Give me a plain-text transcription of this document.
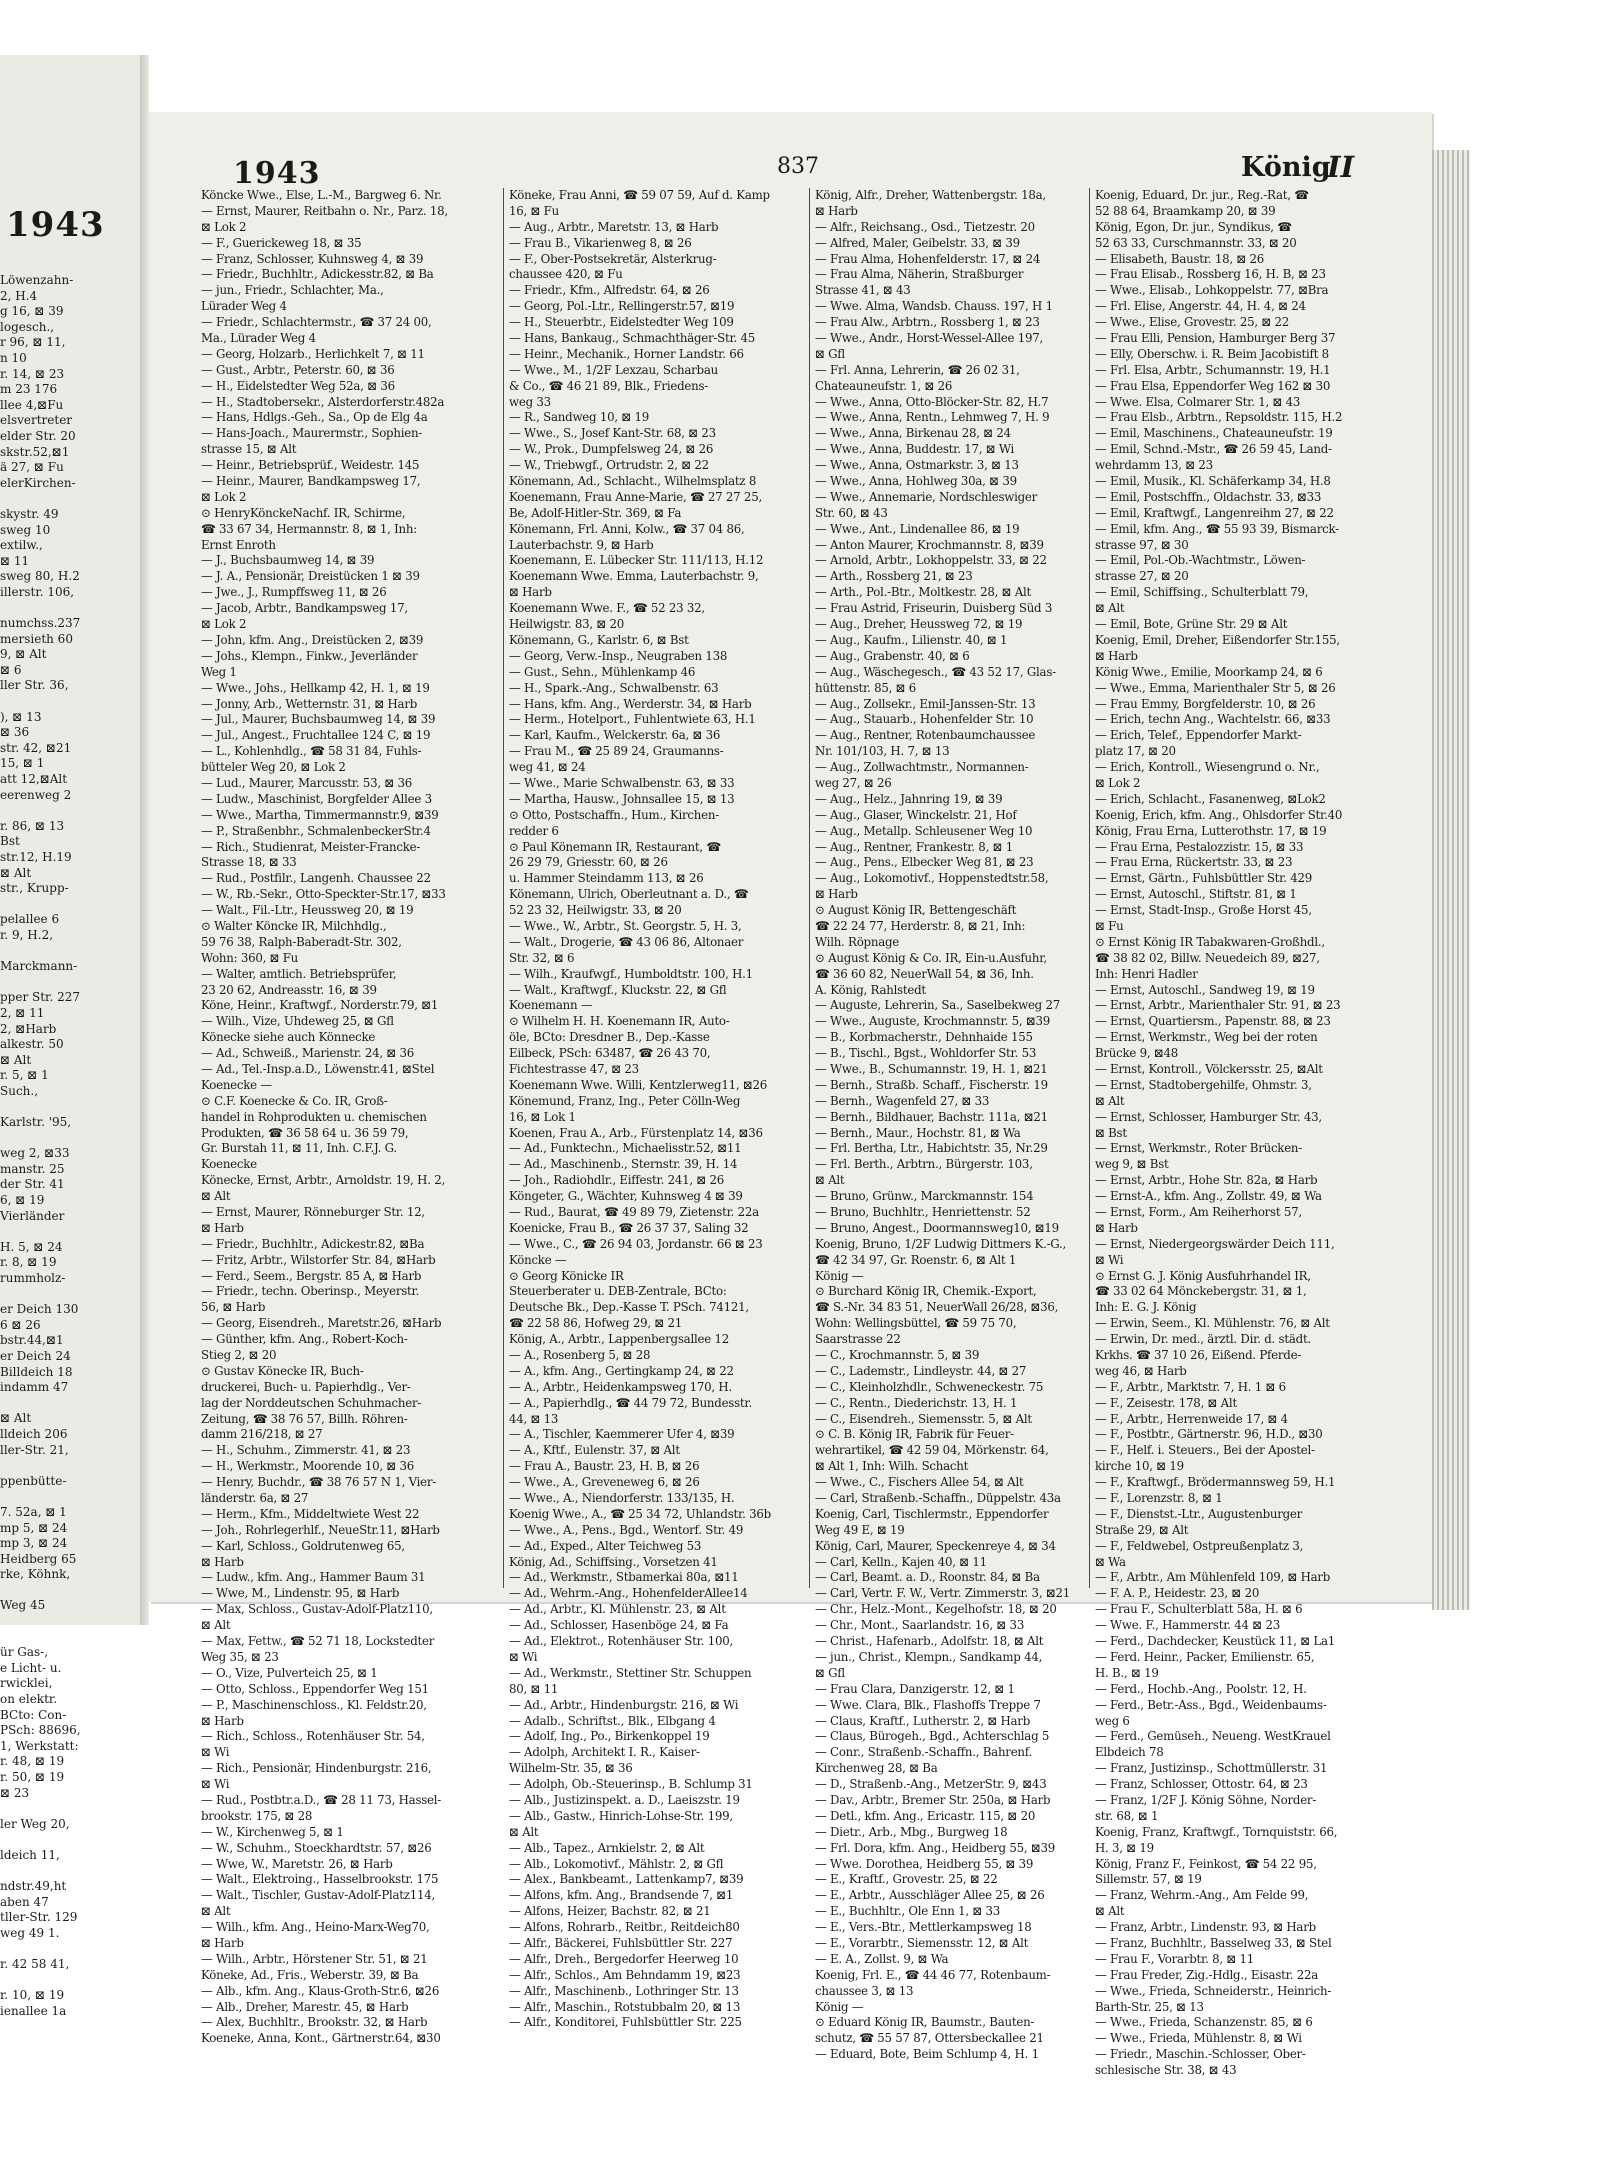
1943
Löwenzahn-
2, H.4
g 16, ⊠ 39
logesch.,
r 96, ⊠ 11,
n 10
r. 14, ⊠ 23
m 23 176
llee 4,⊠Fu
elsvertreter
elder Str. 20
skstr.52,⊠1
ä 27, ⊠ Fu
elerKirchen-
skystr. 49
sweg 10
extilw.,
⊠ 11
sweg 80, H.2
illerstr. 106,
numchss.237
mersieth 60
9, ⊠ Alt
⊠ 6
ller Str. 36,
), ⊠ 13
⊠ 36
str. 42, ⊠21
15, ⊠ 1
att 12,⊠Alt
eerenweg 2
r. 86, ⊠ 13
Bst
str.12, H.19
⊠ Alt
str., Krupp-
pelallee 6
r. 9, H.2,
Marckmann-
pper Str. 227
2, ⊠ 11
2, ⊠Harb
alkestr. 50
⊠ Alt
r. 5, ⊠ 1
Such.,
Karlstr. '95,
weg 2, ⊠33
manstr. 25
der Str. 41
6, ⊠ 19
Vierländer
H. 5, ⊠ 24
r. 8, ⊠ 19
rummholz-
er Deich 130
6 ⊠ 26
bstr.44,⊠1
er Deich 24
Billdeich 18
indamm 47
⊠ Alt
lldeich 206
ller-Str. 21,
ppenbütte-
7. 52a, ⊠ 1
mp 5, ⊠ 24
mp 3, ⊠ 24
Heidberg 65
rke, Köhnk,
Weg 45
ür Gas-,
e Licht- u.
rwicklei,
on elektr.
BCto: Con-
PSch: 88696,
1, Werkstatt:
r. 48, ⊠ 19
r. 50, ⊠ 19
⊠ 23
ler Weg 20,
ldeich 11,
ndstr.49,ht
aben 47
tller-Str. 129
weg 49 1.
r. 42 58 41,
r. 10, ⊠ 19
ienallee 1a
1943	837	König
II
Köncke Wwe., Else, L.-M., Bargweg 6. Nr.
— Ernst, Maurer, Reitbahn o. Nr., Parz. 18,
⊠ Lok 2
— F., Guerickeweg 18, ⊠ 35
— Franz, Schlosser, Kuhnsweg 4, ⊠ 39
— Friedr., Buchhltr., Adickesstr.82, ⊠ Ba
— jun., Friedr., Schlachter, Ma.,
Lürader Weg 4
— Friedr., Schlachtermstr., ☎ 37 24 00,
Ma., Lürader Weg 4
— Georg, Holzarb., Herlichkelt 7, ⊠ 11
— Gust., Arbtr., Peterstr. 60, ⊠ 36
— H., Eidelstedter Weg 52a, ⊠ 36
— H., Stadtobersekr., Alsterdorferstr.482a
— Hans, Hdlgs.-Geh., Sa., Op de Elg 4a
— Hans-Joach., Maurermstr., Sophien-
strasse 15, ⊠ Alt
— Heinr., Betriebsprüf., Weidestr. 145
— Heinr., Maurer, Bandkampsweg 17,
⊠ Lok 2
⊙ HenryKönckeNachf. IR, Schirme,
☎ 33 67 34, Hermannstr. 8, ⊠ 1, Inh:
Ernst Enroth
— J., Buchsbaumweg 14, ⊠ 39
— J. A., Pensionär, Dreistücken 1 ⊠ 39
— Jwe., J., Rumpffsweg 11, ⊠ 26
— Jacob, Arbtr., Bandkampsweg 17,
⊠ Lok 2
— John, kfm. Ang., Dreistücken 2, ⊠39
— Johs., Klempn., Finkw., Jeverländer
Weg 1
— Wwe., Johs., Hellkamp 42, H. 1, ⊠ 19
— Jonny, Arb., Wetternstr. 31, ⊠ Harb
— Jul., Maurer, Buchsbaumweg 14, ⊠ 39
— Jul., Angest., Fruchtallee 124 C, ⊠ 19
— L., Kohlenhdlg., ☎ 58 31 84, Fuhls-
bütteler Weg 20, ⊠ Lok 2
— Lud., Maurer, Marcusstr. 53, ⊠ 36
— Ludw., Maschinist, Borgfelder Allee 3
— Wwe., Martha, Timmermannstr.9, ⊠39
— P., Straßenbhr., SchmalenbeckerStr.4
— Rich., Studienrat, Meister-Francke-
Strasse 18, ⊠ 33
— Rud., Postfilr., Langenh. Chaussee 22
— W., Rb.-Sekr., Otto-Speckter-Str.17, ⊠33
— Walt., Fil.-Ltr., Heussweg 20, ⊠ 19
⊙ Walter Köncke IR, Milchhdlg.,
59 76 38, Ralph-Baberadt-Str. 302,
Wohn: 360, ⊠ Fu
— Walter, amtlich. Betriebsprüfer,
23 20 62, Andreasstr. 16, ⊠ 39
Köne, Heinr., Kraftwgf., Norderstr.79, ⊠1
— Wilh., Vize, Uhdeweg 25, ⊠ Gfl
Könecke siehe auch Könnecke
— Ad., Schweiß., Marienstr. 24, ⊠ 36
— Ad., Tel.-Insp.a.D., Löwenstr.41, ⊠Stel
Koenecke —
⊙ C.F. Koenecke & Co. IR, Groß-
handel in Rohprodukten u. chemischen
Produkten, ☎ 36 58 64 u. 36 59 79,
Gr. Burstah 11, ⊠ 11, Inh. C.F.J. G.
Koenecke
Könecke, Ernst, Arbtr., Arnoldstr. 19, H. 2,
⊠ Alt
— Ernst, Maurer, Rönneburger Str. 12,
⊠ Harb
— Friedr., Buchhltr., Adickestr.82, ⊠Ba
— Fritz, Arbtr., Wilstorfer Str. 84, ⊠Harb
— Ferd., Seem., Bergstr. 85 A, ⊠ Harb
— Friedr., techn. Oberinsp., Meyerstr.
56, ⊠ Harb
— Georg, Eisendreh., Maretstr.26, ⊠Harb
— Günther, kfm. Ang., Robert-Koch-
Stieg 2, ⊠ 20
⊙ Gustav Könecke IR, Buch-
druckerei, Buch- u. Papierhdlg., Ver-
lag der Norddeutschen Schuhmacher-
Zeitung, ☎ 38 76 57, Billh. Röhren-
damm 216/218, ⊠ 27
— H., Schuhm., Zimmerstr. 41, ⊠ 23
— H., Werkmstr., Moorende 10, ⊠ 36
— Henry, Buchdr., ☎ 38 76 57 N 1, Vier-
länderstr. 6a, ⊠ 27
— Herm., Kfm., Middeltwiete West 22
— Joh., Rohrlegerhlf., NeueStr.11, ⊠Harb
— Karl, Schloss., Goldrutenweg 65,
⊠ Harb
— Ludw., kfm. Ang., Hammer Baum 31
— Wwe, M., Lindenstr. 95, ⊠ Harb
— Max, Schloss., Gustav-Adolf-Platz110,
⊠ Alt
— Max, Fettw., ☎ 52 71 18, Lockstedter
Weg 35, ⊠ 23
— O., Vize, Pulverteich 25, ⊠ 1
— Otto, Schloss., Eppendorfer Weg 151
— P., Maschinenschloss., Kl. Feldstr.20,
⊠ Harb
— Rich., Schloss., Rotenhäuser Str. 54,
⊠ Wi
— Rich., Pensionär, Hindenburgstr. 216,
⊠ Wi
— Rud., Postbtr.a.D., ☎ 28 11 73, Hassel-
brookstr. 175, ⊠ 28
— W., Kirchenweg 5, ⊠ 1
— W., Schuhm., Stoeckhardtstr. 57, ⊠26
— Wwe, W., Maretstr. 26, ⊠ Harb
— Walt., Elektroing., Hasselbrookstr. 175
— Walt., Tischler, Gustav-Adolf-Platz114,
⊠ Alt
— Wilh., kfm. Ang., Heino-Marx-Weg70,
⊠ Harb
— Wilh., Arbtr., Hörstener Str. 51, ⊠ 21
Köneke, Ad., Fris., Weberstr. 39, ⊠ Ba
— Alb., kfm. Ang., Klaus-Groth-Str.6, ⊠26
— Alb., Dreher, Marestr. 45, ⊠ Harb
— Alex, Buchhltr., Brookstr. 32, ⊠ Harb
Koeneke, Anna, Kont., Gärtnerstr.64, ⊠30
Köneke, Frau Anni, ☎ 59 07 59, Auf d. Kamp
16, ⊠ Fu
— Aug., Arbtr., Maretstr. 13, ⊠ Harb
— Frau B., Vikarienweg 8, ⊠ 26
— F., Ober-Postsekretär, Alsterkrug-
chaussee 420, ⊠ Fu
— Friedr., Kfm., Alfredstr. 64, ⊠ 26
— Georg, Pol.-Ltr., Rellingerstr.57, ⊠19
— H., Steuerbtr., Eidelstedter Weg 109
— Hans, Bankaug., Schmachthäger-Str. 45
— Heinr., Mechanik., Horner Landstr. 66
— Wwe., M., 1/2F Lexzau, Scharbau
& Co., ☎ 46 21 89, Blk., Friedens-
weg 33
— R., Sandweg 10, ⊠ 19
— Wwe., S., Josef Kant-Str. 68, ⊠ 23
— W., Prok., Dumpfelsweg 24, ⊠ 26
— W., Triebwgf., Ortrudstr. 2, ⊠ 22
Könemann, Ad., Schlacht., Wilhelmsplatz 8
Koenemann, Frau Anne-Marie, ☎ 27 27 25,
Be, Adolf-Hitler-Str. 369, ⊠ Fa
Könemann, Frl. Anni, Kolw., ☎ 37 04 86,
Lauterbachstr. 9, ⊠ Harb
Koenemann, E. Lübecker Str. 111/113, H.12
Koenemann Wwe. Emma, Lauterbachstr. 9,
⊠ Harb
Koenemann Wwe. F., ☎ 52 23 32,
Heilwigstr. 83, ⊠ 20
Könemann, G., Karlstr. 6, ⊠ Bst
— Georg, Verw.-Insp., Neugraben 138
— Gust., Sehn., Mühlenkamp 46
— H., Spark.-Ang., Schwalbenstr. 63
— Hans, kfm. Ang., Werderstr. 34, ⊠ Harb
— Herm., Hotelport., Fuhlentwiete 63, H.1
— Karl, Kaufm., Welckerstr. 6a, ⊠ 36
— Frau M., ☎ 25 89 24, Graumanns-
weg 41, ⊠ 24
— Wwe., Marie Schwalbenstr. 63, ⊠ 33
— Martha, Hausw., Johnsallee 15, ⊠ 13
⊙ Otto, Postschaffn., Hum., Kirchen-
redder 6
⊙ Paul Könemann IR, Restaurant, ☎
26 29 79, Griesstr. 60, ⊠ 26
u. Hammer Steindamm 113, ⊠ 26
Könemann, Ulrich, Oberleutnant a. D., ☎
52 23 32, Heilwigstr. 33, ⊠ 20
— Wwe., W., Arbtr., St. Georgstr. 5, H. 3,
— Walt., Drogerie, ☎ 43 06 86, Altonaer
Str. 32, ⊠ 6
— Wilh., Kraufwgf., Humboldtstr. 100, H.1
— Walt., Kraftwgf., Kluckstr. 22, ⊠ Gfl
Koenemann —
⊙ Wilhelm H. H. Koenemann IR, Auto-
öle, BCto: Dresdner B., Dep.-Kasse
Eilbeck, PSch: 63487, ☎ 26 43 70,
Fichtestrasse 47, ⊠ 23
Koenemann Wwe. Willi, Kentzlerweg11, ⊠26
Könemund, Franz, Ing., Peter Cölln-Weg
16, ⊠ Lok 1
Koenen, Frau A., Arb., Fürstenplatz 14, ⊠36
— Ad., Funktechn., Michaelisstr.52, ⊠11
— Ad., Maschinenb., Sternstr. 39, H. 14
— Joh., Radiohdlr., Eiffestr. 241, ⊠ 26
Köngeter, G., Wächter, Kuhnsweg 4 ⊠ 39
— Rud., Baurat, ☎ 49 89 79, Zietenstr. 22a
Koenicke, Frau B., ☎ 26 37 37, Saling 32
— Wwe., C., ☎ 26 94 03, Jordanstr. 66 ⊠ 23
Köncke —
⊙ Georg Könicke IR
Steuerberater u. DEB-Zentrale, BCto:
Deutsche Bk., Dep.-Kasse T. PSch. 74121,
☎ 22 58 86, Hofweg 29, ⊠ 21
König, A., Arbtr., Lappenbergsallee 12
— A., Rosenberg 5, ⊠ 28
— A., kfm. Ang., Gertingkamp 24, ⊠ 22
— A., Arbtr., Heidenkampsweg 170, H.
— A., Papierhdlg., ☎ 44 79 72, Bundesstr.
44, ⊠ 13
— A., Tischler, Kaemmerer Ufer 4, ⊠39
— A., Kftf., Eulenstr. 37, ⊠ Alt
— Frau A., Baustr. 23, H. B, ⊠ 26
— Wwe., A., Greveneweg 6, ⊠ 26
— Wwe., A., Niendorferstr. 133/135, H.
Koenig Wwe., A., ☎ 25 34 72, Uhlandstr. 36b
— Wwe., A., Pens., Bgd., Wentorf. Str. 49
— Ad., Exped., Alter Teichweg 53
König, Ad., Schiffsing., Vorsetzen 41
— Ad., Werkmstr., Stbamerkai 80a, ⊠11
— Ad., Wehrm.-Ang., HohenfelderAllee14
— Ad., Arbtr., Kl. Mühlenstr. 23, ⊠ Alt
— Ad., Schlosser, Hasenböge 24, ⊠ Fa
— Ad., Elektrot., Rotenhäuser Str. 100,
⊠ Wi
— Ad., Werkmstr., Stettiner Str. Schuppen
80, ⊠ 11
— Ad., Arbtr., Hindenburgstr. 216, ⊠ Wi
— Adalb., Schriftst., Blk., Elbgang 4
— Adolf, Ing., Po., Birkenkoppel 19
— Adolph, Architekt I. R., Kaiser-
Wilhelm-Str. 35, ⊠ 36
— Adolph, Ob.-Steuerinsp., B. Schlump 31
— Alb., Justizinspekt. a. D., Laeiszstr. 19
— Alb., Gastw., Hinrich-Lohse-Str. 199,
⊠ Alt
— Alb., Tapez., Arnkielstr. 2, ⊠ Alt
— Alb., Lokomotivf., Mählstr. 2, ⊠ Gfl
— Alex., Bankbeamt., Lattenkamp7, ⊠39
— Alfons, kfm. Ang., Brandsende 7, ⊠1
— Alfons, Heizer, Bachstr. 82, ⊠ 21
— Alfons, Rohrarb., Reitbr., Reitdeich80
— Alfr., Bäckerei, Fuhlsbüttler Str. 227
— Alfr., Dreh., Bergedorfer Heerweg 10
— Alfr., Schlos., Am Behndamm 19, ⊠23
— Alfr., Maschinenb., Lothringer Str. 13
— Alfr., Maschin., Rotstubbalm 20, ⊠ 13
— Alfr., Konditorei, Fuhlsbüttler Str. 225
König, Alfr., Dreher, Wattenbergstr. 18a,
⊠ Harb
— Alfr., Reichsang., Osd., Tietzestr. 20
— Alfred, Maler, Geibelstr. 33, ⊠ 39
— Frau Alma, Hohenfelderstr. 17, ⊠ 24
— Frau Alma, Näherin, Straßburger
Strasse 41, ⊠ 43
— Wwe. Alma, Wandsb. Chauss. 197, H 1
— Frau Alw., Arbtrn., Rossberg 1, ⊠ 23
— Wwe., Andr., Horst-Wessel-Allee 197,
⊠ Gfl
— Frl. Anna, Lehrerin, ☎ 26 02 31,
Chateauneufstr. 1, ⊠ 26
— Wwe., Anna, Otto-Blöcker-Str. 82, H.7
— Wwe., Anna, Rentn., Lehmweg 7, H. 9
— Wwe., Anna, Birkenau 28, ⊠ 24
— Wwe., Anna, Buddestr. 17, ⊠ Wi
— Wwe., Anna, Ostmarkstr. 3, ⊠ 13
— Wwe., Anna, Hohlweg 30a, ⊠ 39
— Wwe., Annemarie, Nordschleswiger
Str. 60, ⊠ 43
— Wwe., Ant., Lindenallee 86, ⊠ 19
— Anton Maurer, Krochmannstr. 8, ⊠39
— Arnold, Arbtr., Lokhoppelstr. 33, ⊠ 22
— Arth., Rossberg 21, ⊠ 23
— Arth., Pol.-Btr., Moltkestr. 28, ⊠ Alt
— Frau Astrid, Friseurin, Duisberg Süd 3
— Aug., Dreher, Heussweg 72, ⊠ 19
— Aug., Kaufm., Lilienstr. 40, ⊠ 1
— Aug., Grabenstr. 40, ⊠ 6
— Aug., Wäschegesch., ☎ 43 52 17, Glas-
hüttenstr. 85, ⊠ 6
— Aug., Zollsekr., Emil-Janssen-Str. 13
— Aug., Stauarb., Hohenfelder Str. 10
— Aug., Rentner, Rotenbaumchaussee
Nr. 101/103, H. 7, ⊠ 13
— Aug., Zollwachtmstr., Normannen-
weg 27, ⊠ 26
— Aug., Helz., Jahnring 19, ⊠ 39
— Aug., Glaser, Winckelstr. 21, Hof
— Aug., Metallp. Schleusener Weg 10
— Aug., Rentner, Frankestr. 8, ⊠ 1
— Aug., Pens., Elbecker Weg 81, ⊠ 23
— Aug., Lokomotivf., Hoppenstedtstr.58,
⊠ Harb
⊙ August König IR, Bettengeschäft
☎ 22 24 77, Herderstr. 8, ⊠ 21, Inh:
Wilh. Röpnage
⊙ August König & Co. IR, Ein-u.Ausfuhr,
☎ 36 60 82, NeuerWall 54, ⊠ 36, Inh.
A. König, Rahlstedt
— Auguste, Lehrerin, Sa., Saselbekweg 27
— Wwe., Auguste, Krochmannstr. 5, ⊠39
— B., Korbmacherstr., Dehnhaide 155
— B., Tischl., Bgst., Wohldorfer Str. 53
— Wwe., B., Schumannstr. 19, H. 1, ⊠21
— Bernh., Straßb. Schaff., Fischerstr. 19
— Bernh., Wagenfeld 27, ⊠ 33
— Bernh., Bildhauer, Bachstr. 111a, ⊠21
— Bernh., Maur., Hochstr. 81, ⊠ Wa
— Frl. Bertha, Ltr., Habichtstr. 35, Nr.29
— Frl. Berth., Arbtrn., Bürgerstr. 103,
⊠ Alt
— Bruno, Grünw., Marckmannstr. 154
— Bruno, Buchhltr., Henriettenstr. 52
— Bruno, Angest., Doormannsweg10, ⊠19
Koenig, Bruno, 1/2F Ludwig Dittmers K.-G.,
☎ 42 34 97, Gr. Roenstr. 6, ⊠ Alt 1
König —
⊙ Burchard König IR, Chemik.-Export,
☎ S.-Nr. 34 83 51, NeuerWall 26/28, ⊠36,
Wohn: Wellingsbüttel, ☎ 59 75 70,
Saarstrasse 22
— C., Krochmannstr. 5, ⊠ 39
— C., Lademstr., Lindleystr. 44, ⊠ 27
— C., Kleinholzhdlr., Schweneckestr. 75
— C., Rentn., Diederichstr. 13, H. 1
— C., Eisendreh., Siemensstr. 5, ⊠ Alt
⊙ C. B. König IR, Fabrik für Feuer-
wehrartikel, ☎ 42 59 04, Mörkenstr. 64,
⊠ Alt 1, Inh: Wilh. Schacht
— Wwe., C., Fischers Allee 54, ⊠ Alt
— Carl, Straßenb.-Schaffn., Düppelstr. 43a
Koenig, Carl, Tischlermstr., Eppendorfer
Weg 49 E, ⊠ 19
König, Carl, Maurer, Speckenreye 4, ⊠ 34
— Carl, Kelln., Kajen 40, ⊠ 11
— Carl, Beamt. a. D., Roonstr. 84, ⊠ Ba
— Carl, Vertr. F. W., Vertr. Zimmerstr. 3, ⊠21
— Chr., Helz.-Mont., Kegelhofstr. 18, ⊠ 20
— Chr., Mont., Saarlandstr. 16, ⊠ 33
— Christ., Hafenarb., Adolfstr. 18, ⊠ Alt
— jun., Christ., Klempn., Sandkamp 44,
⊠ Gfl
— Frau Clara, Danzigerstr. 12, ⊠ 1
— Wwe. Clara, Blk., Flashoffs Treppe 7
— Claus, Kraftf., Lutherstr. 2, ⊠ Harb
— Claus, Bürogeh., Bgd., Achterschlag 5
— Conr., Straßenb.-Schaffn., Bahrenf.
Kirchenweg 28, ⊠ Ba
— D., Straßenb.-Ang., MetzerStr. 9, ⊠43
— Dav., Arbtr., Bremer Str. 250a, ⊠ Harb
— Detl., kfm. Ang., Ericastr. 115, ⊠ 20
— Dietr., Arb., Mbg., Burgweg 18
— Frl. Dora, kfm. Ang., Heidberg 55, ⊠39
— Wwe. Dorothea, Heidberg 55, ⊠ 39
— E., Kraftf., Grovestr. 25, ⊠ 22
— E., Arbtr., Ausschläger Allee 25, ⊠ 26
— E., Buchhltr., Ole Enn 1, ⊠ 33
— E., Vers.-Btr., Mettlerkampsweg 18
— E., Vorarbtr., Siemensstr. 12, ⊠ Alt
— E. A., Zollst. 9, ⊠ Wa
Koenig, Frl. E., ☎ 44 46 77, Rotenbaum-
chaussee 3, ⊠ 13
König —
⊙ Eduard König IR, Baumstr., Bauten-
schutz, ☎ 55 57 87, Ottersbeckallee 21
— Eduard, Bote, Beim Schlump 4, H. 1
Koenig, Eduard, Dr. jur., Reg.-Rat, ☎
52 88 64, Braamkamp 20, ⊠ 39
König, Egon, Dr. jur., Syndikus, ☎
52 63 33, Curschmannstr. 33, ⊠ 20
— Elisabeth, Baustr. 18, ⊠ 26
— Frau Elisab., Rossberg 16, H. B, ⊠ 23
— Wwe., Elisab., Lohkoppelstr. 77, ⊠Bra
— Frl. Elise, Angerstr. 44, H. 4, ⊠ 24
— Wwe., Elise, Grovestr. 25, ⊠ 22
— Frau Elli, Pension, Hamburger Berg 37
— Elly, Oberschw. i. R. Beim Jacobistift 8
— Frl. Elsa, Arbtr., Schumannstr. 19, H.1
— Frau Elsa, Eppendorfer Weg 162 ⊠ 30
— Wwe. Elsa, Colmarer Str. 1, ⊠ 43
— Frau Elsb., Arbtrn., Repsoldstr. 115, H.2
— Emil, Maschinens., Chateauneufstr. 19
— Emil, Schnd.-Mstr., ☎ 26 59 45, Land-
wehrdamm 13, ⊠ 23
— Emil, Musik., Kl. Schäferkamp 34, H.8
— Emil, Postschffn., Oldachstr. 33, ⊠33
— Emil, Kraftwgf., Langenreihm 27, ⊠ 22
— Emil, kfm. Ang., ☎ 55 93 39, Bismarck-
strasse 97, ⊠ 30
— Emil, Pol.-Ob.-Wachtmstr., Löwen-
strasse 27, ⊠ 20
— Emil, Schiffsing., Schulterblatt 79,
⊠ Alt
— Emil, Bote, Grüne Str. 29 ⊠ Alt
Koenig, Emil, Dreher, Eißendorfer Str.155,
⊠ Harb
König Wwe., Emilie, Moorkamp 24, ⊠ 6
— Wwe., Emma, Marienthaler Str 5, ⊠ 26
— Frau Emmy, Borgfelderstr. 10, ⊠ 26
— Erich, techn Ang., Wachtelstr. 66, ⊠33
— Erich, Telef., Eppendorfer Markt-
platz 17, ⊠ 20
— Erich, Kontroll., Wiesengrund o. Nr.,
⊠ Lok 2
— Erich, Schlacht., Fasanenweg, ⊠Lok2
Koenig, Erich, kfm. Ang., Ohlsdorfer Str.40
König, Frau Erna, Lutterothstr. 17, ⊠ 19
— Frau Erna, Pestalozzistr. 15, ⊠ 33
— Frau Erna, Rückertstr. 33, ⊠ 23
— Ernst, Gärtn., Fuhlsbüttler Str. 429
— Ernst, Autoschl., Stiftstr. 81, ⊠ 1
— Ernst, Stadt-Insp., Große Horst 45,
⊠ Fu
⊙ Ernst König IR Tabakwaren-Großhdl.,
☎ 38 82 02, Billw. Neuedeich 89, ⊠27,
Inh: Henri Hadler
— Ernst, Autoschl., Sandweg 19, ⊠ 19
— Ernst, Arbtr., Marienthaler Str. 91, ⊠ 23
— Ernst, Quartiersm., Papenstr. 88, ⊠ 23
— Ernst, Werkmstr., Weg bei der roten
Brücke 9, ⊠48
— Ernst, Kontroll., Völckersstr. 25, ⊠Alt
— Ernst, Stadtobergehilfe, Ohmstr. 3,
⊠ Alt
— Ernst, Schlosser, Hamburger Str. 43,
⊠ Bst
— Ernst, Werkmstr., Roter Brücken-
weg 9, ⊠ Bst
— Ernst, Arbtr., Hohe Str. 82a, ⊠ Harb
— Ernst-A., kfm. Ang., Zollstr. 49, ⊠ Wa
— Ernst, Form., Am Reiherhorst 57,
⊠ Harb
— Ernst, Niedergeorgswärder Deich 111,
⊠ Wi
⊙ Ernst G. J. König Ausfuhrhandel IR,
☎ 33 02 64 Mönckebergstr. 31, ⊠ 1,
Inh: E. G. J. König
— Erwin, Seem., Kl. Mühlenstr. 76, ⊠ Alt
— Erwin, Dr. med., ärztl. Dir. d. städt.
Krkhs. ☎ 37 10 26, Eißend. Pferde-
weg 46, ⊠ Harb
— F., Arbtr., Marktstr. 7, H. 1 ⊠ 6
— F., Zeisestr. 178, ⊠ Alt
— F., Arbtr., Herrenweide 17, ⊠ 4
— F., Postbtr., Gärtnerstr. 96, H.D., ⊠30
— F., Helf. i. Steuers., Bei der Apostel-
kirche 10, ⊠ 19
— F., Kraftwgf., Brödermannsweg 59, H.1
— F., Lorenzstr. 8, ⊠ 1
— F., Dienstst.-Ltr., Augustenburger
Straße 29, ⊠ Alt
— F., Feldwebel, Ostpreußenplatz 3,
⊠ Wa
— F., Arbtr., Am Mühlenfeld 109, ⊠ Harb
— F. A. P., Heidestr. 23, ⊠ 20
— Frau F., Schulterblatt 58a, H. ⊠ 6
— Wwe. F., Hammerstr. 44 ⊠ 23
— Ferd., Dachdecker, Keustück 11, ⊠ La1
— Ferd. Heinr., Packer, Emilienstr. 65,
H. B., ⊠ 19
— Ferd., Hochb.-Ang., Poolstr. 12, H.
— Ferd., Betr.-Ass., Bgd., Weidenbaums-
weg 6
— Ferd., Gemüseh., Neueng. WestKrauel
Elbdeich 78
— Franz, Justizinsp., Schottmüllerstr. 31
— Franz, Schlosser, Ottostr. 64, ⊠ 23
— Franz, 1/2F J. König Söhne, Norder-
str. 68, ⊠ 1
Koenig, Franz, Kraftwgf., Tornquiststr. 66,
H. 3, ⊠ 19
König, Franz F., Feinkost, ☎ 54 22 95,
Sillemstr. 57, ⊠ 19
— Franz, Wehrm.-Ang., Am Felde 99,
⊠ Alt
— Franz, Arbtr., Lindenstr. 93, ⊠ Harb
— Franz, Buchhltr., Basselweg 33, ⊠ Stel
— Frau F., Vorarbtr. 8, ⊠ 11
— Frau Freder, Zig.-Hdlg., Eisastr. 22a
— Wwe., Frieda, Schneiderstr., Heinrich-
Barth-Str. 25, ⊠ 13
— Wwe., Frieda, Schanzenstr. 85, ⊠ 6
— Wwe., Frieda, Mühlenstr. 8, ⊠ Wi
— Friedr., Maschin.-Schlosser, Ober-
schlesische Str. 38, ⊠ 43
